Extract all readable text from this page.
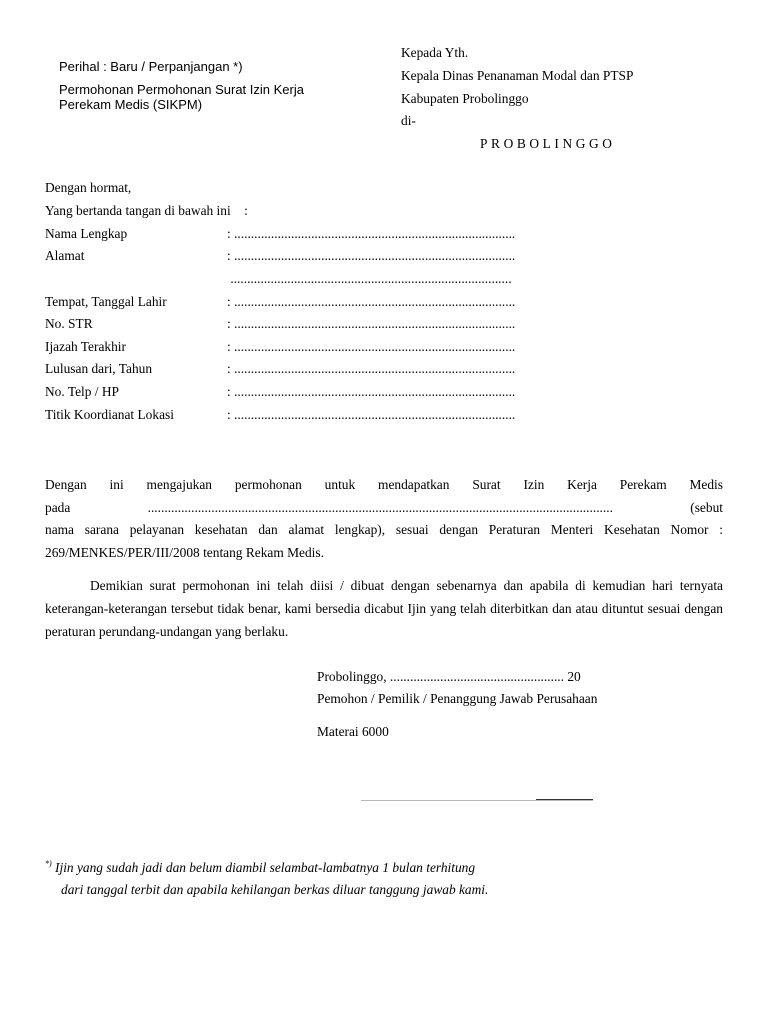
Perihal : Baru / Perpanjangan *)
Permohonan Permohonan Surat Izin Kerja
Perekam Medis (SIKPM)
Kepada Yth.
Kepala Dinas Penanaman Modal dan PTSP
Kabupaten Probolinggo
di-
PROBOLINGGO
Dengan hormat,
Yang bertanda tangan di bawah ini    :
Nama Lengkap	: ....................................................................................
Alamat	: ....................................................................................
....................................................................................
Tempat, Tanggal Lahir	: ....................................................................................
No. STR	: ....................................................................................
Ijazah Terakhir	: ....................................................................................
Lulusan dari, Tahun	: ....................................................................................
No. Telp / HP	: ....................................................................................
Titik Koordianat Lokasi	: ....................................................................................

Dengan ini mengajukan permohonan untuk mendapatkan Surat Izin Kerja Perekam Medis

pada ........................................................................................................................................... (sebut

nama sarana pelayanan kesehatan dan alamat lengkap), sesuai dengan Peraturan Menteri Kesehatan Nomor :

269/MENKES/PER/III/2008 tentang Rekam Medis.

Demikian surat permohonan ini telah diisi / dibuat dengan sebenarnya dan apabila di kemudian hari ternyata keterangan-keterangan tersebut tidak benar, kami bersedia dicabut Ijin yang telah diterbitkan dan atau dituntut sesuai dengan peraturan perundang-undangan yang berlaku.

Probolinggo, .................................................... 20
Pemohon / Pemilik / Penanggung Jawab Perusahaan
Materai 6000
*) Ijin yang sudah jadi dan belum diambil selambat-lambatnya 1 bulan terhitung
dari tanggal terbit dan apabila kehilangan berkas diluar tanggung jawab kami.
